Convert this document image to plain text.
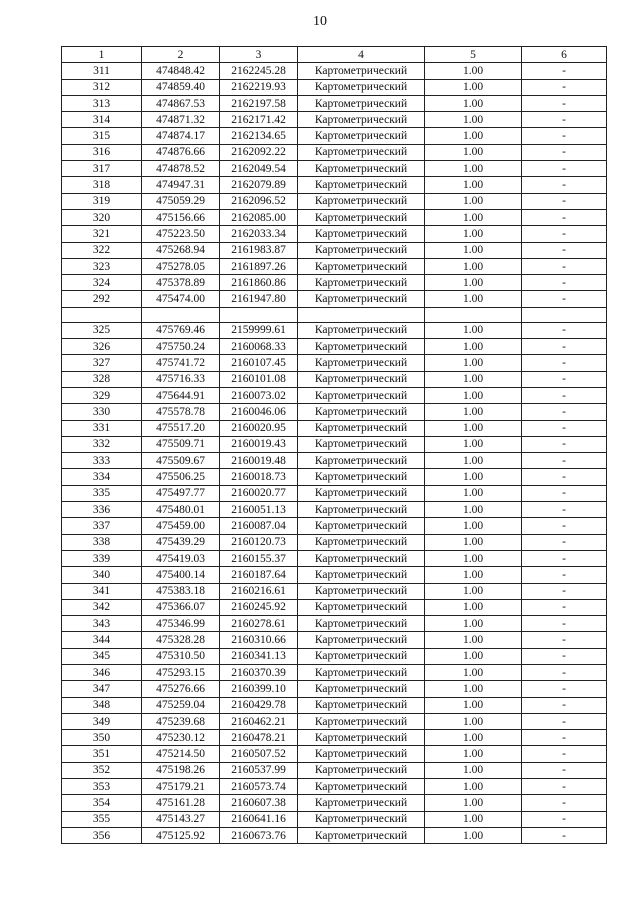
10
1	2	3	4	5	6
311	474848.42	2162245.28	Картометрический	1.00	-
312	474859.40	2162219.93	Картометрический	1.00	-
313	474867.53	2162197.58	Картометрический	1.00	-
314	474871.32	2162171.42	Картометрический	1.00	-
315	474874.17	2162134.65	Картометрический	1.00	-
316	474876.66	2162092.22	Картометрический	1.00	-
317	474878.52	2162049.54	Картометрический	1.00	-
318	474947.31	2162079.89	Картометрический	1.00	-
319	475059.29	2162096.52	Картометрический	1.00	-
320	475156.66	2162085.00	Картометрический	1.00	-
321	475223.50	2162033.34	Картометрический	1.00	-
322	475268.94	2161983.87	Картометрический	1.00	-
323	475278.05	2161897.26	Картометрический	1.00	-
324	475378.89	2161860.86	Картометрический	1.00	-
292	475474.00	2161947.80	Картометрический	1.00	-

325	475769.46	2159999.61	Картометрический	1.00	-
326	475750.24	2160068.33	Картометрический	1.00	-
327	475741.72	2160107.45	Картометрический	1.00	-
328	475716.33	2160101.08	Картометрический	1.00	-
329	475644.91	2160073.02	Картометрический	1.00	-
330	475578.78	2160046.06	Картометрический	1.00	-
331	475517.20	2160020.95	Картометрический	1.00	-
332	475509.71	2160019.43	Картометрический	1.00	-
333	475509.67	2160019.48	Картометрический	1.00	-
334	475506.25	2160018.73	Картометрический	1.00	-
335	475497.77	2160020.77	Картометрический	1.00	-
336	475480.01	2160051.13	Картометрический	1.00	-
337	475459.00	2160087.04	Картометрический	1.00	-
338	475439.29	2160120.73	Картометрический	1.00	-
339	475419.03	2160155.37	Картометрический	1.00	-
340	475400.14	2160187.64	Картометрический	1.00	-
341	475383.18	2160216.61	Картометрический	1.00	-
342	475366.07	2160245.92	Картометрический	1.00	-
343	475346.99	2160278.61	Картометрический	1.00	-
344	475328.28	2160310.66	Картометрический	1.00	-
345	475310.50	2160341.13	Картометрический	1.00	-
346	475293.15	2160370.39	Картометрический	1.00	-
347	475276.66	2160399.10	Картометрический	1.00	-
348	475259.04	2160429.78	Картометрический	1.00	-
349	475239.68	2160462.21	Картометрический	1.00	-
350	475230.12	2160478.21	Картометрический	1.00	-
351	475214.50	2160507.52	Картометрический	1.00	-
352	475198.26	2160537.99	Картометрический	1.00	-
353	475179.21	2160573.74	Картометрический	1.00	-
354	475161.28	2160607.38	Картометрический	1.00	-
355	475143.27	2160641.16	Картометрический	1.00	-
356	475125.92	2160673.76	Картометрический	1.00	-
